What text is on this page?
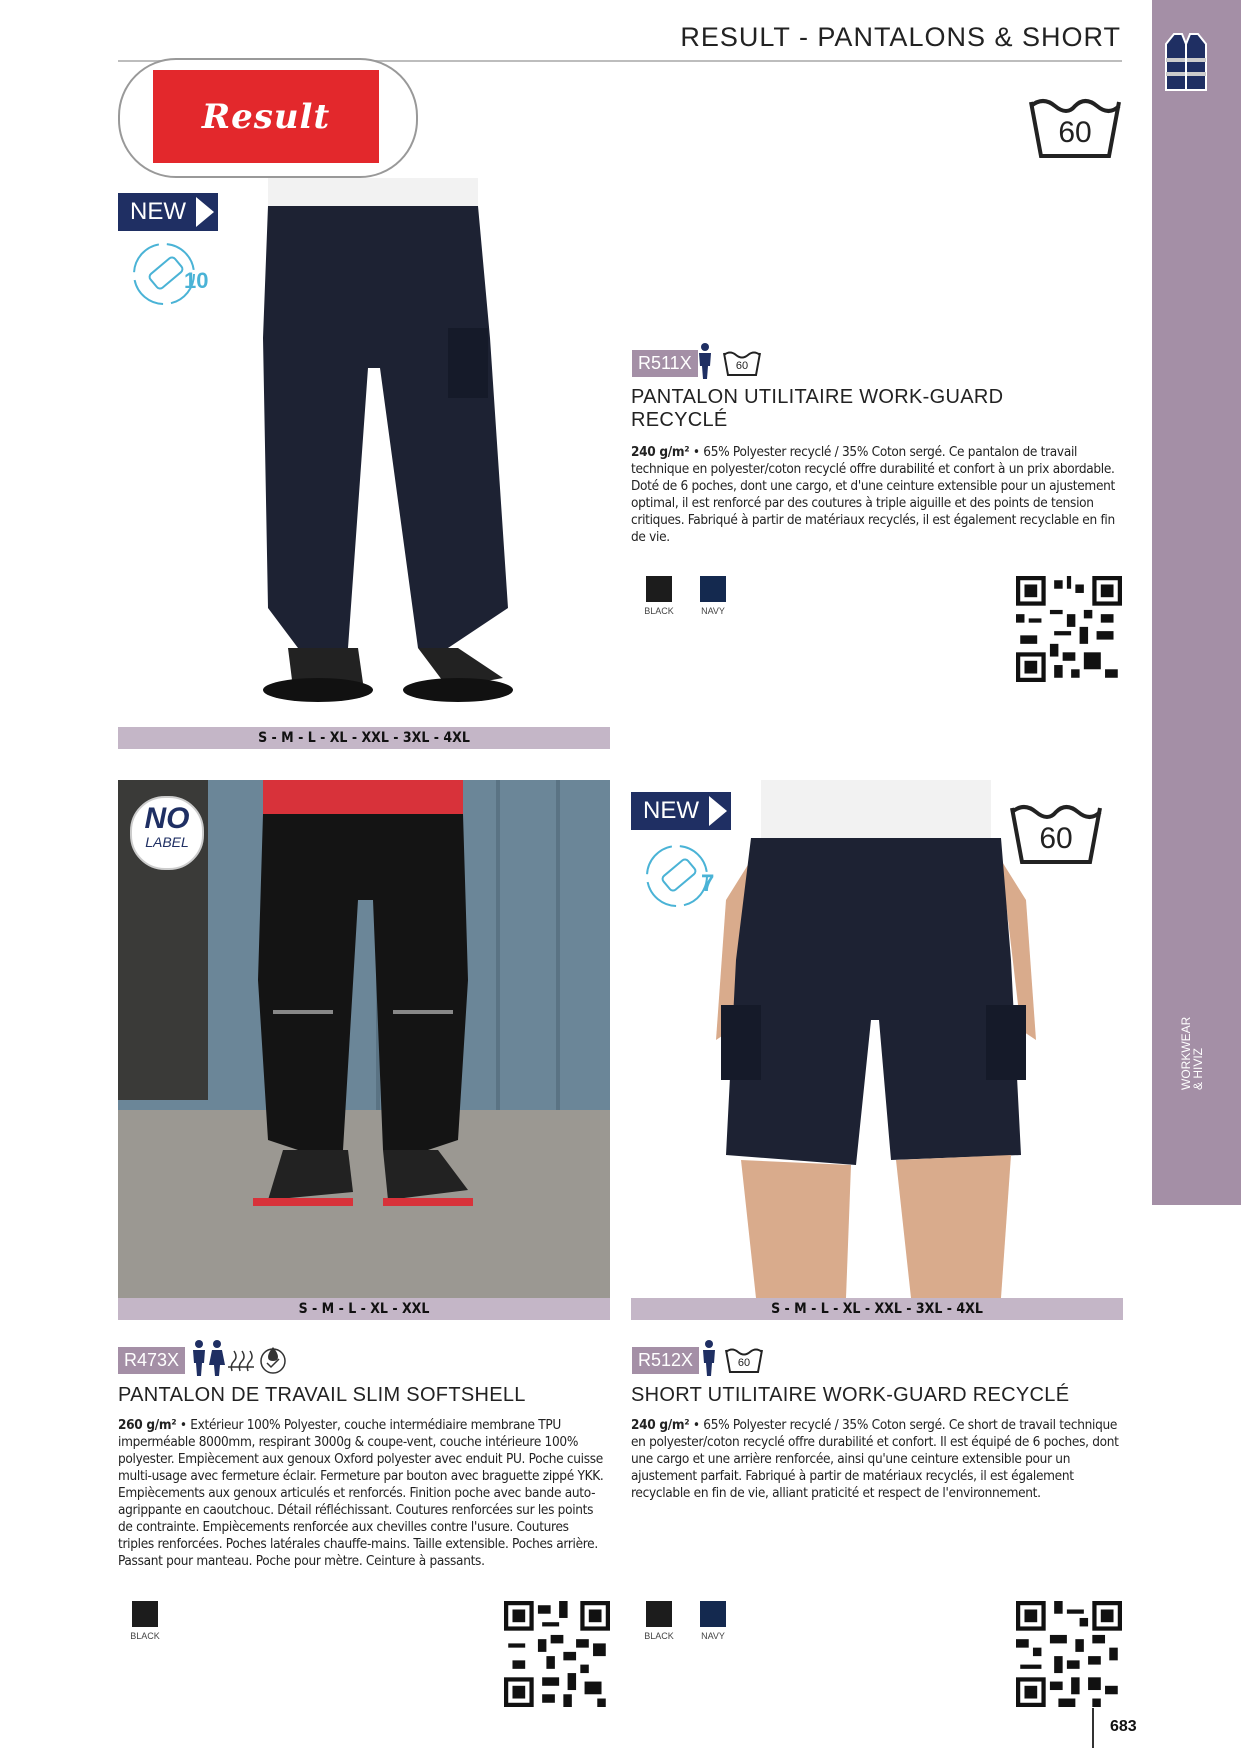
RESULT - PANTALONS & SHORT
WORKWEAR
& HIVIZ
Result	60
NEW
10
S - M - L - XL - XXL - 3XL - 4XL
R511X	60
PANTALON UTILITAIRE WORK-GUARD
RECYCLÉ
240 g/m² • 65% Polyester recyclé / 35% Coton sergé. Ce pantalon de travail technique en polyester/coton recyclé offre durabilité et confort à un prix abordable. Doté de 6 poches, dont une cargo, et d'une ceinture extensible pour un ajustement optimal, il est renforcé par des coutures à triple aiguille et des points de tension critiques. Fabriqué à partir de matériaux recyclés, il est également recyclable en fin de vie.
BLACK	NAVY
NO
LABEL
S - M - L - XL - XXL
R473X
PANTALON DE TRAVAIL SLIM SOFTSHELL
260 g/m² • Extérieur 100% Polyester, couche intermédiaire membrane TPU imperméable 8000mm, respirant 3000g & coupe-vent, couche intérieure 100% polyester. Empiècement aux genoux Oxford polyester avec enduit PU. Poche cuisse multi-usage avec fermeture éclair. Fermeture par bouton avec braguette zippé YKK. Empiècements aux genoux articulés et renforcés. Finition poche avec bande auto-agrippante en caoutchouc. Détail réfléchissant. Coutures renforcées sur les points de contrainte. Empiècements renforcée aux chevilles contre l'usure. Coutures triples renforcées. Poches latérales chauffe-mains. Taille extensible. Poches arrière. Passant pour manteau. Poche pour mètre. Ceinture à passants.
BLACK
NEW
7
60
S - M - L - XL - XXL - 3XL - 4XL
R512X	60
SHORT UTILITAIRE WORK-GUARD RECYCLÉ
240 g/m² • 65% Polyester recyclé / 35% Coton sergé. Ce short de travail technique en polyester/coton recyclé offre durabilité et confort. Il est équipé de 6 poches, dont une cargo et une arrière renforcée, ainsi qu'une ceinture extensible pour un ajustement parfait. Fabriqué à partir de matériaux recyclés, il est également recyclable en fin de vie, alliant praticité et respect de l'environnement.
BLACK	NAVY
683
